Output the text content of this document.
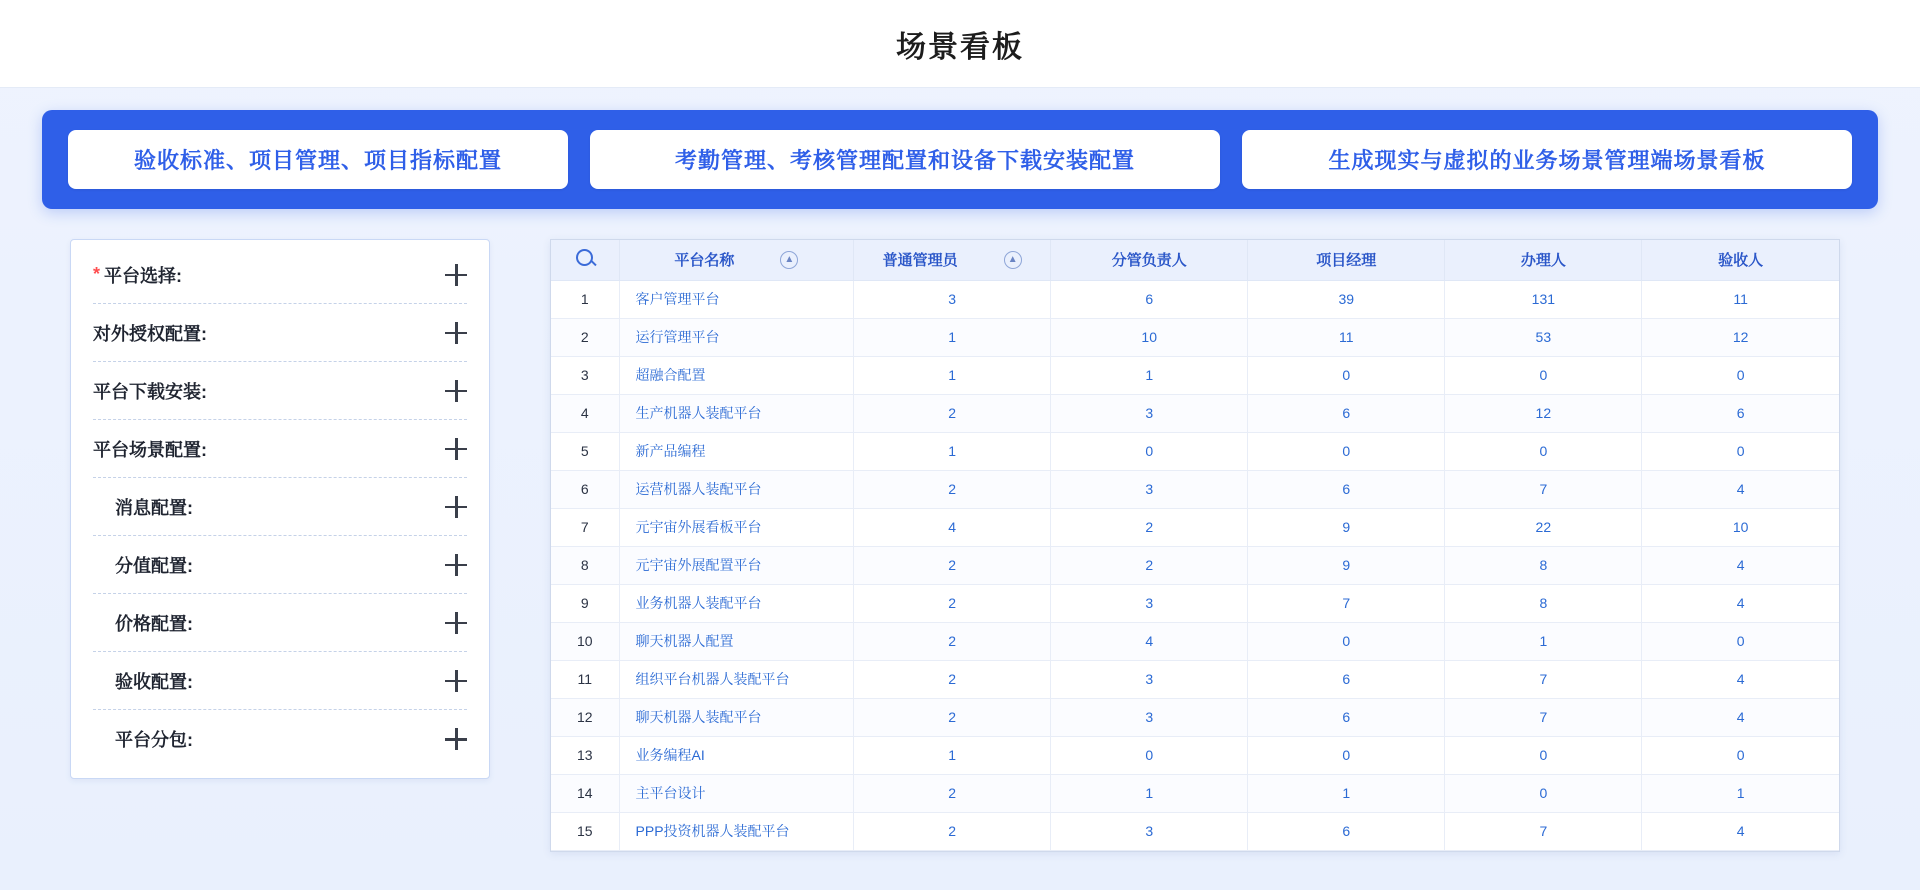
场景看板
验收标准、项目管理、项目指标配置	考勤管理、考核管理配置和设备下载安装配置	生成现实与虚拟的业务场景管理端场景看板
* 平台选择:
对外授权配置:
平台下载安装:
平台场景配置:
消息配置:
分值配置:
价格配置:
验收配置:
平台分包:

	平台名称 ▲	普通管理员 ▲	分管负责人	项目经理	办理人	验收人
1	客户管理平台	3	6	39	131	11
2	运行管理平台	1	10	11	53	12
3	超融合配置	1	1	0	0	0
4	生产机器人装配平台	2	3	6	12	6
5	新产品编程	1	0	0	0	0
6	运营机器人装配平台	2	3	6	7	4
7	元宇宙外展看板平台	4	2	9	22	10
8	元宇宙外展配置平台	2	2	9	8	4
9	业务机器人装配平台	2	3	7	8	4
10	聊天机器人配置	2	4	0	1	0
11	组织平台机器人装配平台	2	3	6	7	4
12	聊天机器人装配平台	2	3	6	7	4
13	业务编程AI	1	0	0	0	0
14	主平台设计	2	1	1	0	1
15	PPP投资机器人装配平台	2	3	6	7	4
